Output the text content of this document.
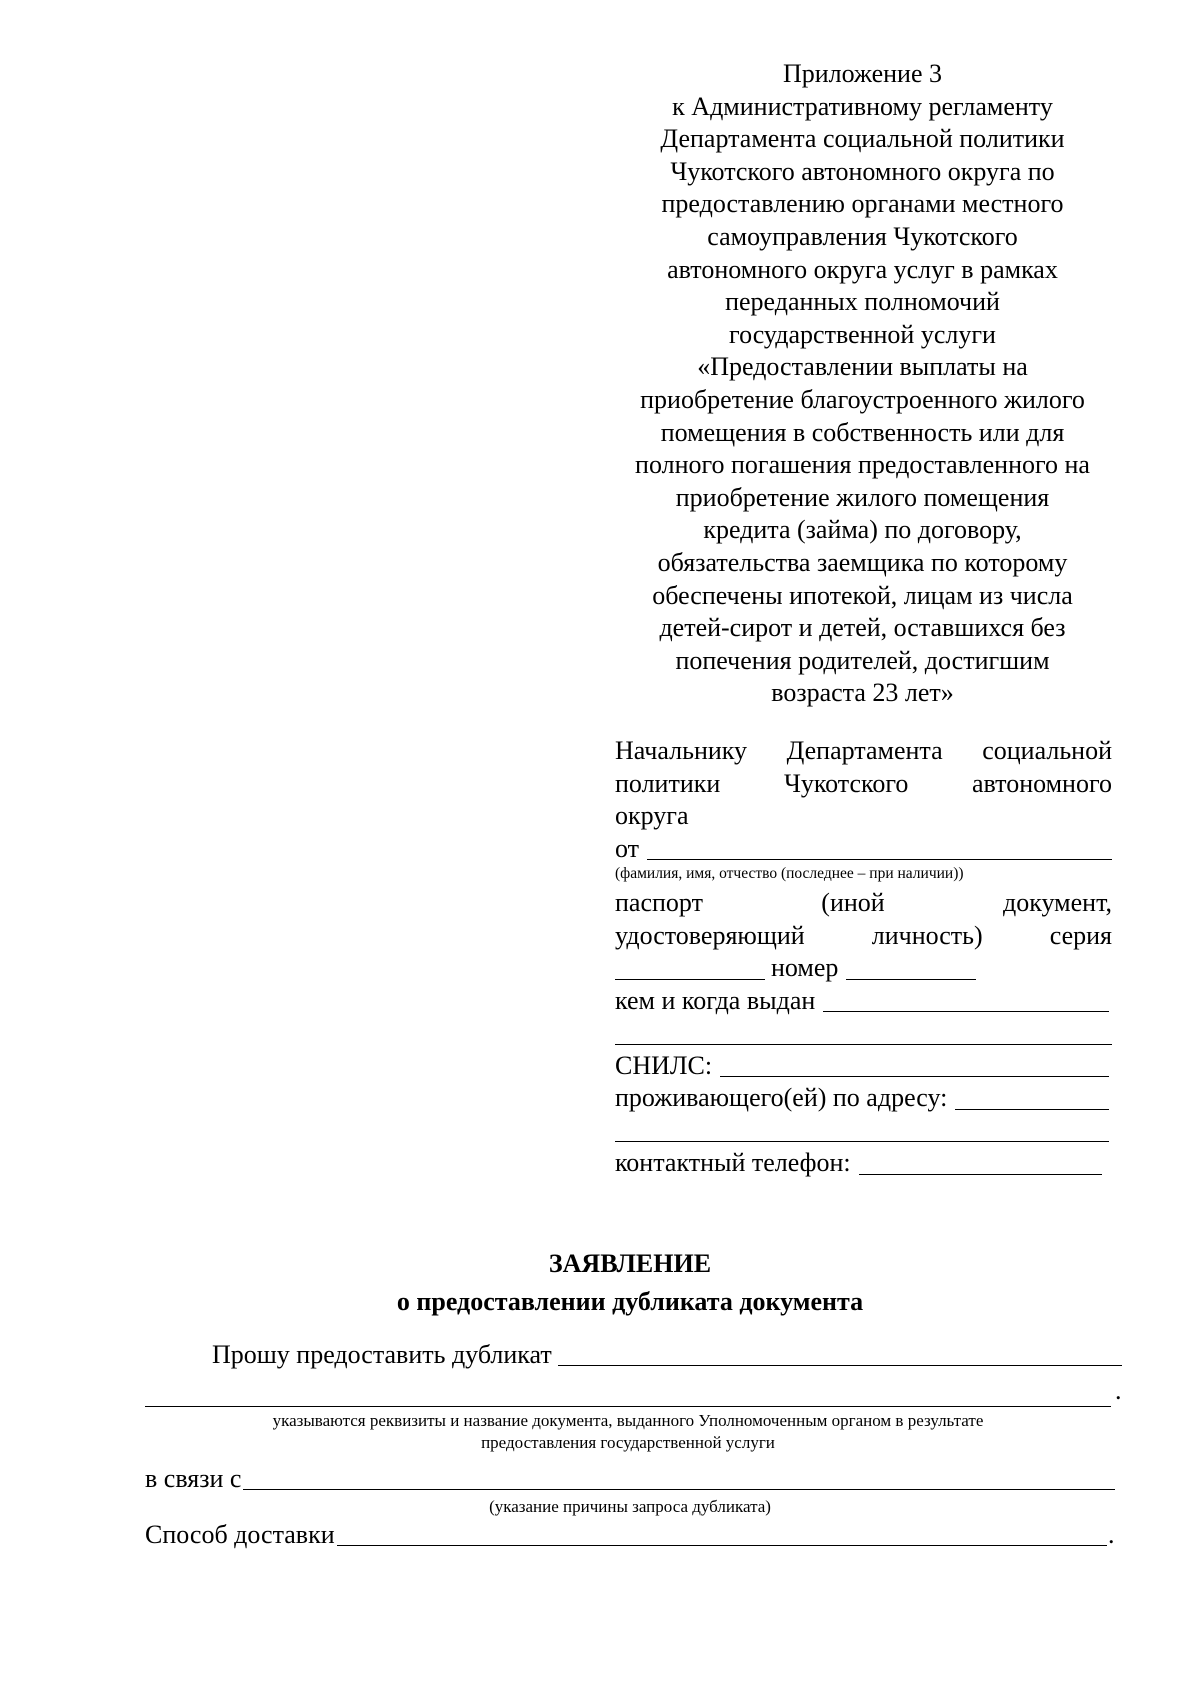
Приложение 3
к Административному регламенту
Департамента социальной политики
Чукотского автономного округа по
предоставлению органами местного
самоуправления Чукотского
автономного округа услуг в рамках
переданных полномочий
государственной услуги
«Предоставлении выплаты на
приобретение благоустроенного жилого
помещения в собственность или для
полного погашения предоставленного на
приобретение жилого помещения
кредита (займа) по договору,
обязательства заемщика по которому
обеспечены ипотекой, лицам из числа
детей-сирот и детей, оставшихся без
попечения родителей, достигшим
возраста 23 лет»
Начальнику Департамента социальной
политики Чукотского автономного
округа
от
(фамилия, имя, отчество (последнее – при наличии))
паспорт	(иной	документ,
удостоверяющий	личность)	серия
номер
кем и когда выдан
СНИЛС:
проживающего(ей) по адресу:
контактный телефон:
ЗАЯВЛЕНИЕ
о предоставлении дубликата документа
Прошу предоставить дубликат
.
указываются реквизиты и название документа, выданного Уполномоченным органом в результате
предоставления государственной услуги
в связи с
(указание причины запроса дубликата)
Способ доставки	.
